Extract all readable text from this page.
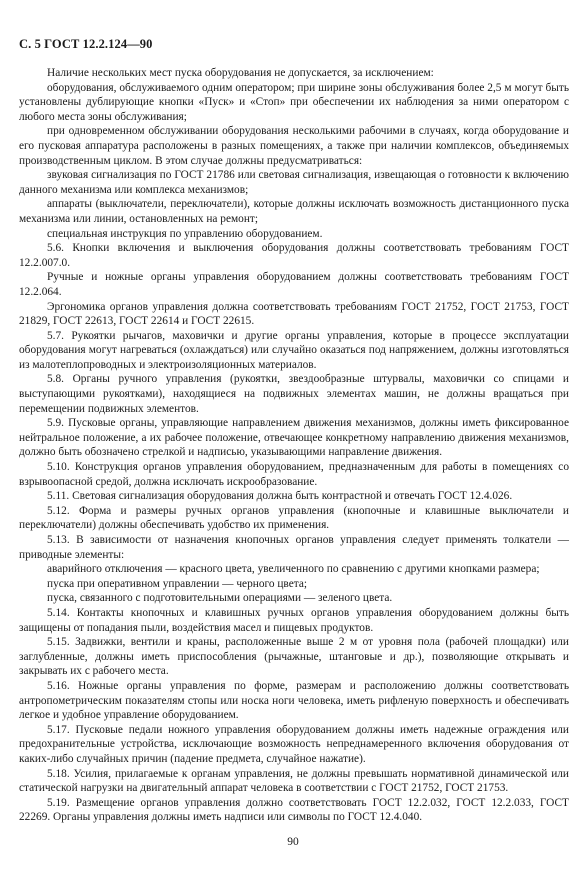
С. 5 ГОСТ 12.2.124—90

Наличие нескольких мест пуска оборудования не допускается, за исключением:

оборудования, обслуживаемого одним оператором; при ширине зоны обслуживания более 2,5 м могут быть установлены дублирующие кнопки «Пуск» и «Стоп» при обеспечении их наблюдения за ними оператором с любого места зоны обслуживания;

при одновременном обслуживании оборудования несколькими рабочими в случаях, когда оборудование и его пусковая аппаратура расположены в разных помещениях, а также при наличии комплексов, объединяемых производственным циклом. В этом случае должны предусматриваться:

звуковая сигнализация по ГОСТ 21786 или световая сигнализация, извещающая о готовности к включению данного механизма или комплекса механизмов;

аппараты (выключатели, переключатели), которые должны исключать возможность дистанционного пуска механизма или линии, остановленных на ремонт;

специальная инструкция по управлению оборудованием.

5.6. Кнопки включения и выключения оборудования должны соответствовать требованиям ГОСТ 12.2.007.0.

Ручные и ножные органы управления оборудованием должны соответствовать требованиям ГОСТ 12.2.064.

Эргономика органов управления должна соответствовать требованиям ГОСТ 21752, ГОСТ 21753, ГОСТ 21829, ГОСТ 22613, ГОСТ 22614 и ГОСТ 22615.

5.7. Рукоятки рычагов, маховички и другие органы управления, которые в процессе эксплуатации оборудования могут нагреваться (охлаждаться) или случайно оказаться под напряжением, должны изготовляться из малотеплопроводных и электроизоляционных материалов.

5.8. Органы ручного управления (рукоятки, звездообразные штурвалы, маховички со спицами и выступающими рукоятками), находящиеся на подвижных элементах машин, не должны вращаться при перемещении подвижных элементов.

5.9. Пусковые органы, управляющие направлением движения механизмов, должны иметь фиксированное нейтральное положение, а их рабочее положение, отвечающее конкретному направлению движения механизмов, должно быть обозначено стрелкой и надписью, указывающими направление движения.

5.10. Конструкция органов управления оборудованием, предназначенным для работы в помещениях со взрывоопасной средой, должна исключать искрообразование.

5.11. Световая сигнализация оборудования должна быть контрастной и отвечать ГОСТ 12.4.026.

5.12. Форма и размеры ручных органов управления (кнопочные и клавишные выключатели и переключатели) должны обеспечивать удобство их применения.

5.13. В зависимости от назначения кнопочных органов управления следует применять толкатели — приводные элементы:

аварийного отключения — красного цвета, увеличенного по сравнению с другими кнопками размера;

пуска при оперативном управлении — черного цвета;

пуска, связанного с подготовительными операциями — зеленого цвета.

5.14. Контакты кнопочных и клавишных ручных органов управления оборудованием должны быть защищены от попадания пыли, воздействия масел и пищевых продуктов.

5.15. Задвижки, вентили и краны, расположенные выше 2 м от уровня пола (рабочей площадки) или заглубленные, должны иметь приспособления (рычажные, штанговые и др.), позволяющие открывать и закрывать их с рабочего места.

5.16. Ножные органы управления по форме, размерам и расположению должны соответствовать антропометрическим показателям стопы или носка ноги человека, иметь рифленую поверхность и обеспечивать легкое и удобное управление оборудованием.

5.17. Пусковые педали ножного управления оборудованием должны иметь надежные ограждения или предохранительные устройства, исключающие возможность непреднамеренного включения оборудования от каких-либо случайных причин (падение предмета, случайное нажатие).

5.18. Усилия, прилагаемые к органам управления, не должны превышать нормативной динамической или статической нагрузки на двигательный аппарат человека в соответствии с ГОСТ 21752, ГОСТ 21753.

5.19. Размещение органов управления должно соответствовать ГОСТ 12.2.032, ГОСТ 12.2.033, ГОСТ 22269. Органы управления должны иметь надписи или символы по ГОСТ 12.4.040.

90
